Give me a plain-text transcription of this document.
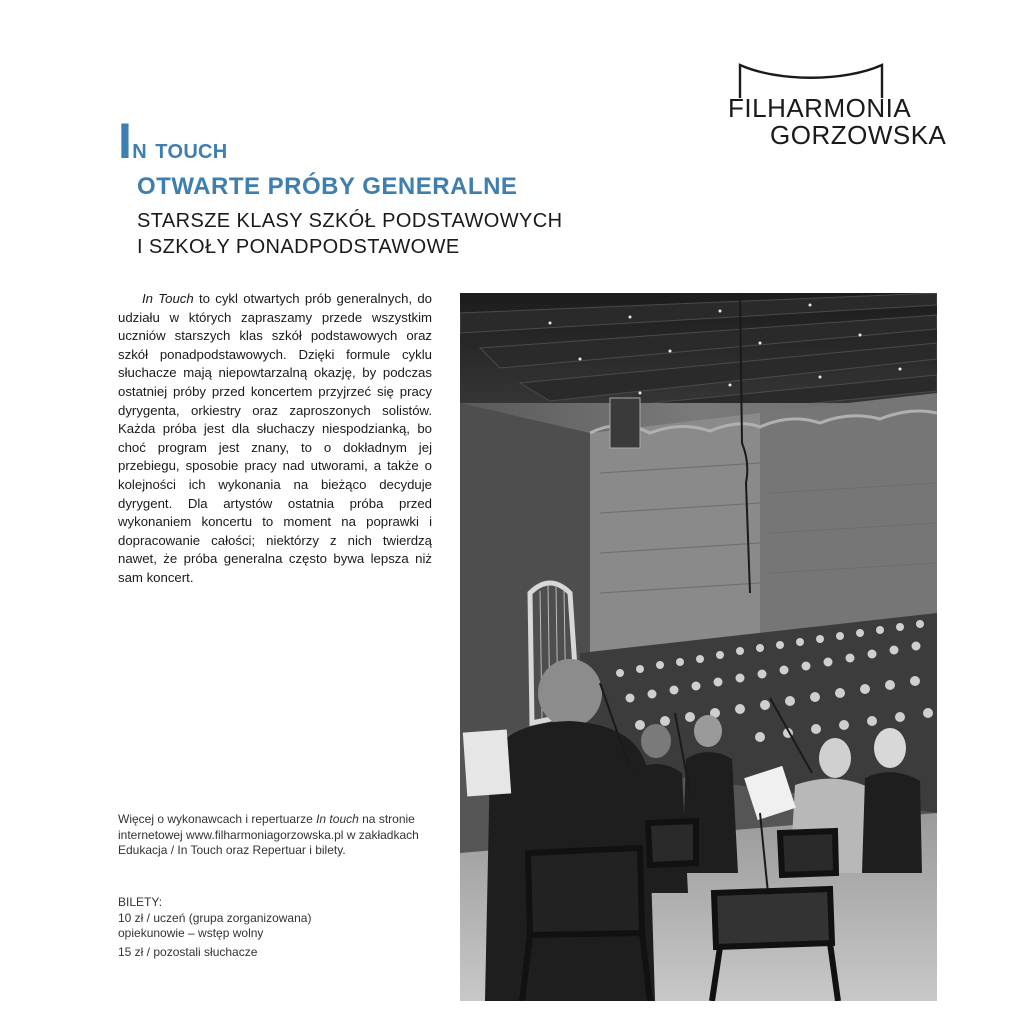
FILHARMONIA
GORZOWSKA
In touch
OTWARTE PRÓBY GENERALNE
STARSZE KLASY SZKÓŁ PODSTAWOWYCH
I SZKOŁY PONADPODSTAWOWE

In Touch to cykl otwartych prób generalnych, do udziału w których zapraszamy przede wszystkim uczniów starszych klas szkół podstawowych oraz szkół ponadpodstawowych. Dzięki formule cyklu słuchacze mają niepowtarzalną okazję, by podczas ostatniej próby przed koncertem przyjrzeć się pracy dyrygenta, orkiestry oraz zaproszonych solistów. Każda próba jest dla słuchaczy niespodzianką, bo choć program jest znany, to o dokładnym jej przebiegu, sposobie pracy nad utworami, a także o kolejności ich wykonania na bieżąco decyduje dyrygent. Dla artystów ostatnia próba przed wykonaniem koncertu to moment na poprawki i dopracowanie całości; niektórzy z nich twierdzą nawet, że próba generalna często bywa lepsza niż sam koncert.

Więcej o wykonawcach i repertuarze In touch na stronie internetowej www.filharmoniagorzowska.pl w zakładkach Edukacja / In Touch oraz Repertuar i bilety.

BILETY:
10 zł / uczeń (grupa zorganizowana)
opiekunowie – wstęp wolny
15 zł / pozostali słuchacze
